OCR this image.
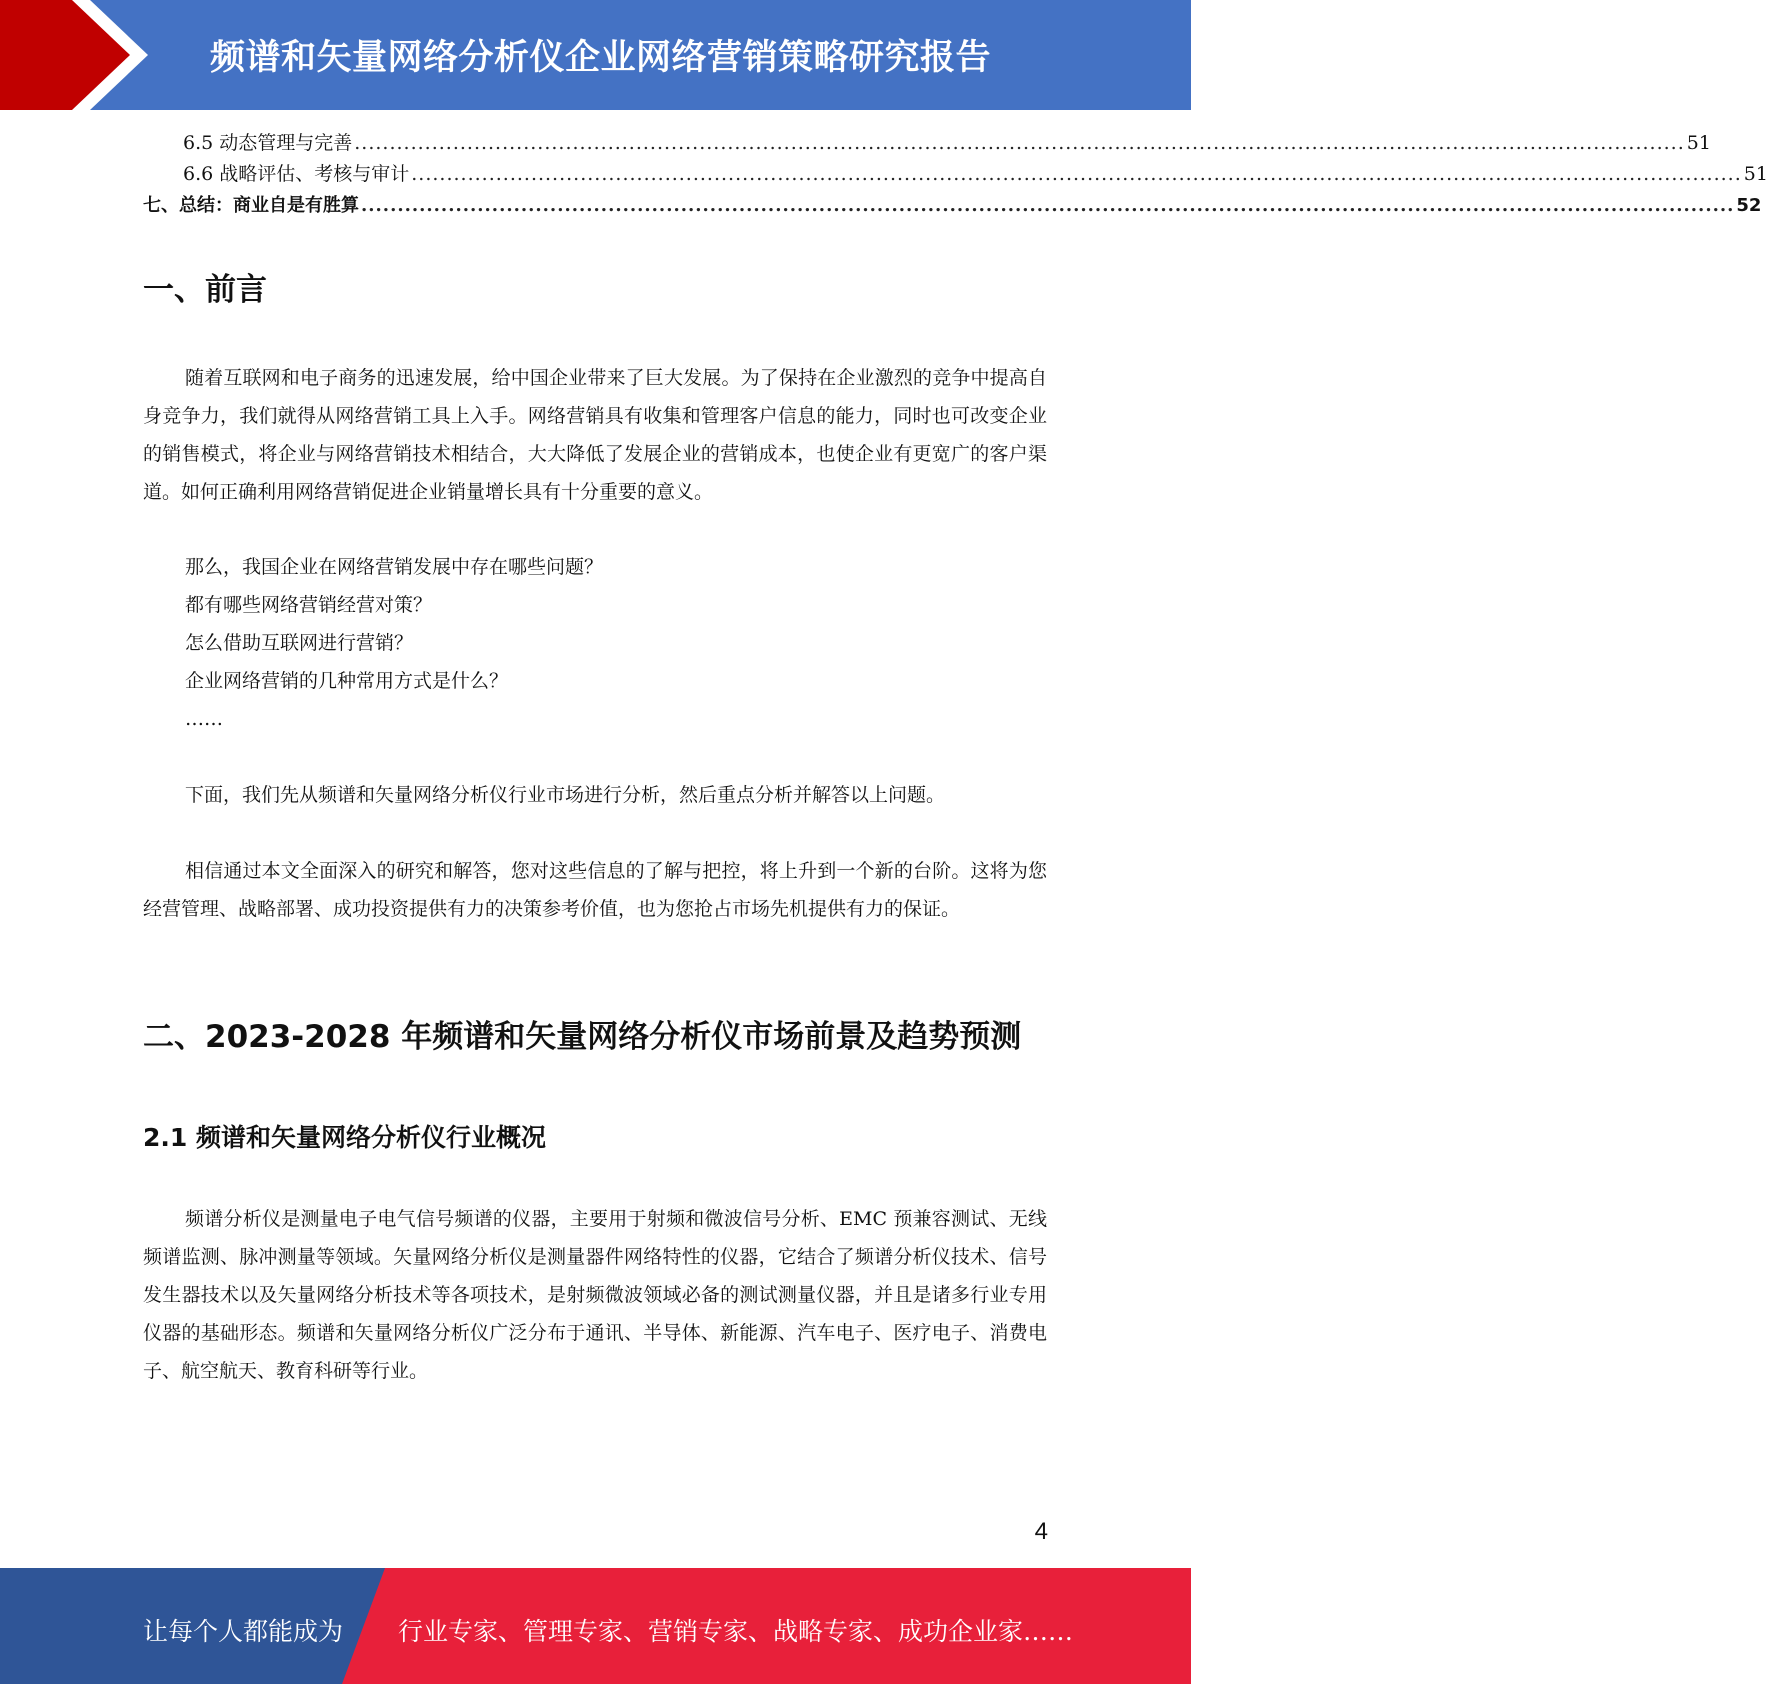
频谱和矢量网络分析仪企业网络营销策略研究报告
6.5 动态管理与完善 ............................................................................................................................................................................................. 51
6.6 战略评估、考核与审计 ............................................................................................................................................................................................. 51
七、总结：商业自是有胜算 ............................................................................................................................................................................................. 52
一、前言
随着互联网和电子商务的迅速发展，给中国企业带来了巨大发展。为了保持在企业激烈的竞争中提高自身竞争力，我们就得从网络营销工具上入手。网络营销具有收集和管理客户信息的能力，同时也可改变企业的销售模式，将企业与网络营销技术相结合，大大降低了发展企业的营销成本，也使企业有更宽广的客户渠道。如何正确利用网络营销促进企业销量增长具有十分重要的意义。
那么，我国企业在网络营销发展中存在哪些问题？
都有哪些网络营销经营对策？
怎么借助互联网进行营销？
企业网络营销的几种常用方式是什么？
……
下面，我们先从频谱和矢量网络分析仪行业市场进行分析，然后重点分析并解答以上问题。
相信通过本文全面深入的研究和解答，您对这些信息的了解与把控，将上升到一个新的台阶。这将为您经营管理、战略部署、成功投资提供有力的决策参考价值，也为您抢占市场先机提供有力的保证。
二、2023-2028 年频谱和矢量网络分析仪市场前景及趋势预测
2.1 频谱和矢量网络分析仪行业概况
频谱分析仪是测量电子电气信号频谱的仪器，主要用于射频和微波信号分析、EMC 预兼容测试、无线频谱监测、脉冲测量等领域。矢量网络分析仪是测量器件网络特性的仪器，它结合了频谱分析仪技术、信号发生器技术以及矢量网络分析技术等各项技术，是射频微波领域必备的测试测量仪器，并且是诸多行业专用仪器的基础形态。频谱和矢量网络分析仪广泛分布于通讯、半导体、新能源、汽车电子、医疗电子、消费电子、航空航天、教育科研等行业。
4
让每个人都能成为 行业专家、管理专家、营销专家、战略专家、成功企业家……
